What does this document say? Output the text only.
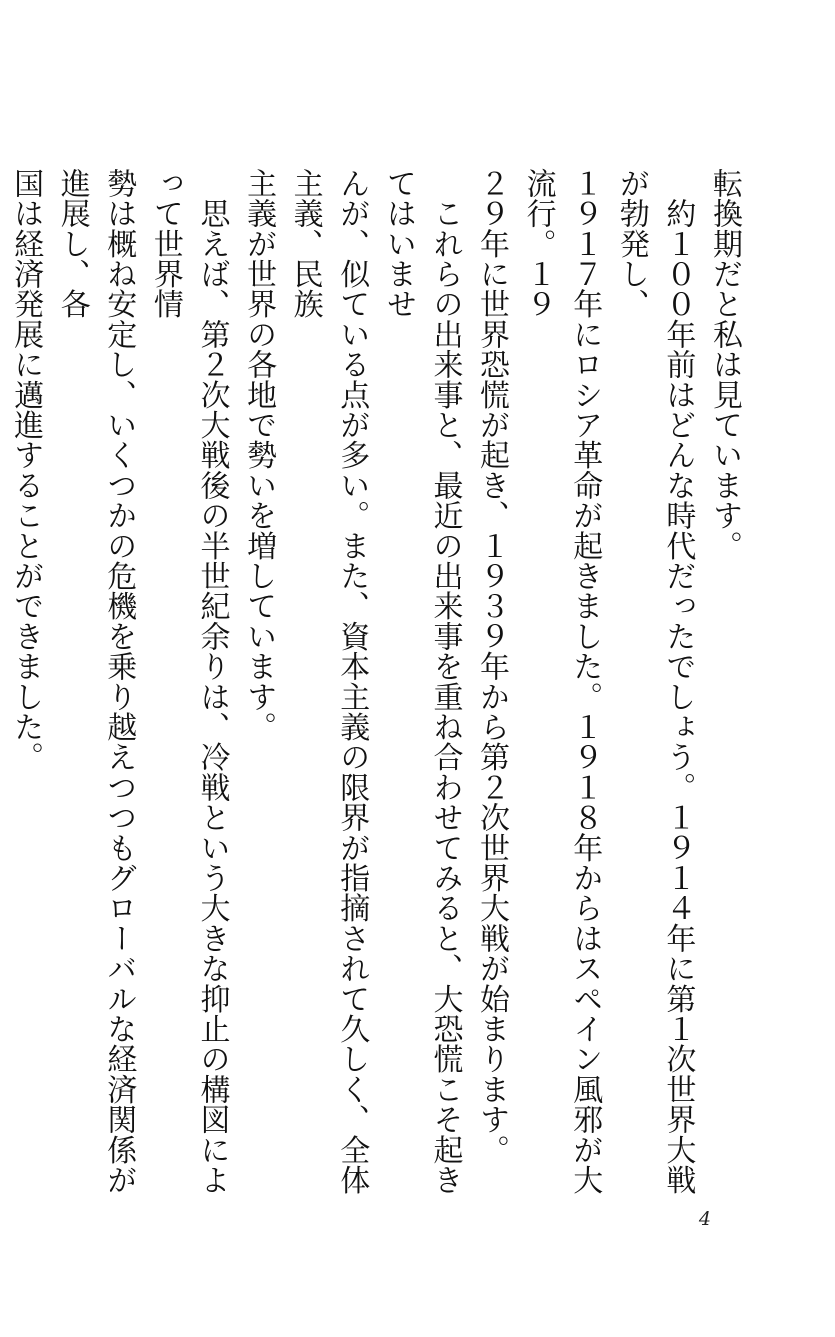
転換期だと私は見ています。

　約１００年前はどんな時代だったでしょう。１９１４年に第１次世界大戦が勃発し、

１９１７年にロシア革命が起きました。１９１８年からはスペイン風邪が大流行。１９

２９年に世界恐慌が起き、１９３９年から第２次世界大戦が始まります。

　これらの出来事と、最近の出来事を重ね合わせてみると、大恐慌こそ起きてはいませ

んが、似ている点が多い。また、資本主義の限界が指摘されて久しく、全体主義、民族

主義が世界の各地で勢いを増しています。

　思えば、第２次大戦後の半世紀余りは、冷戦という大きな抑止の構図によって世界情

勢は概ね安定し、いくつかの危機を乗り越えつつもグローバルな経済関係が進展し、各

国は経済発展に邁進することができました。

4
